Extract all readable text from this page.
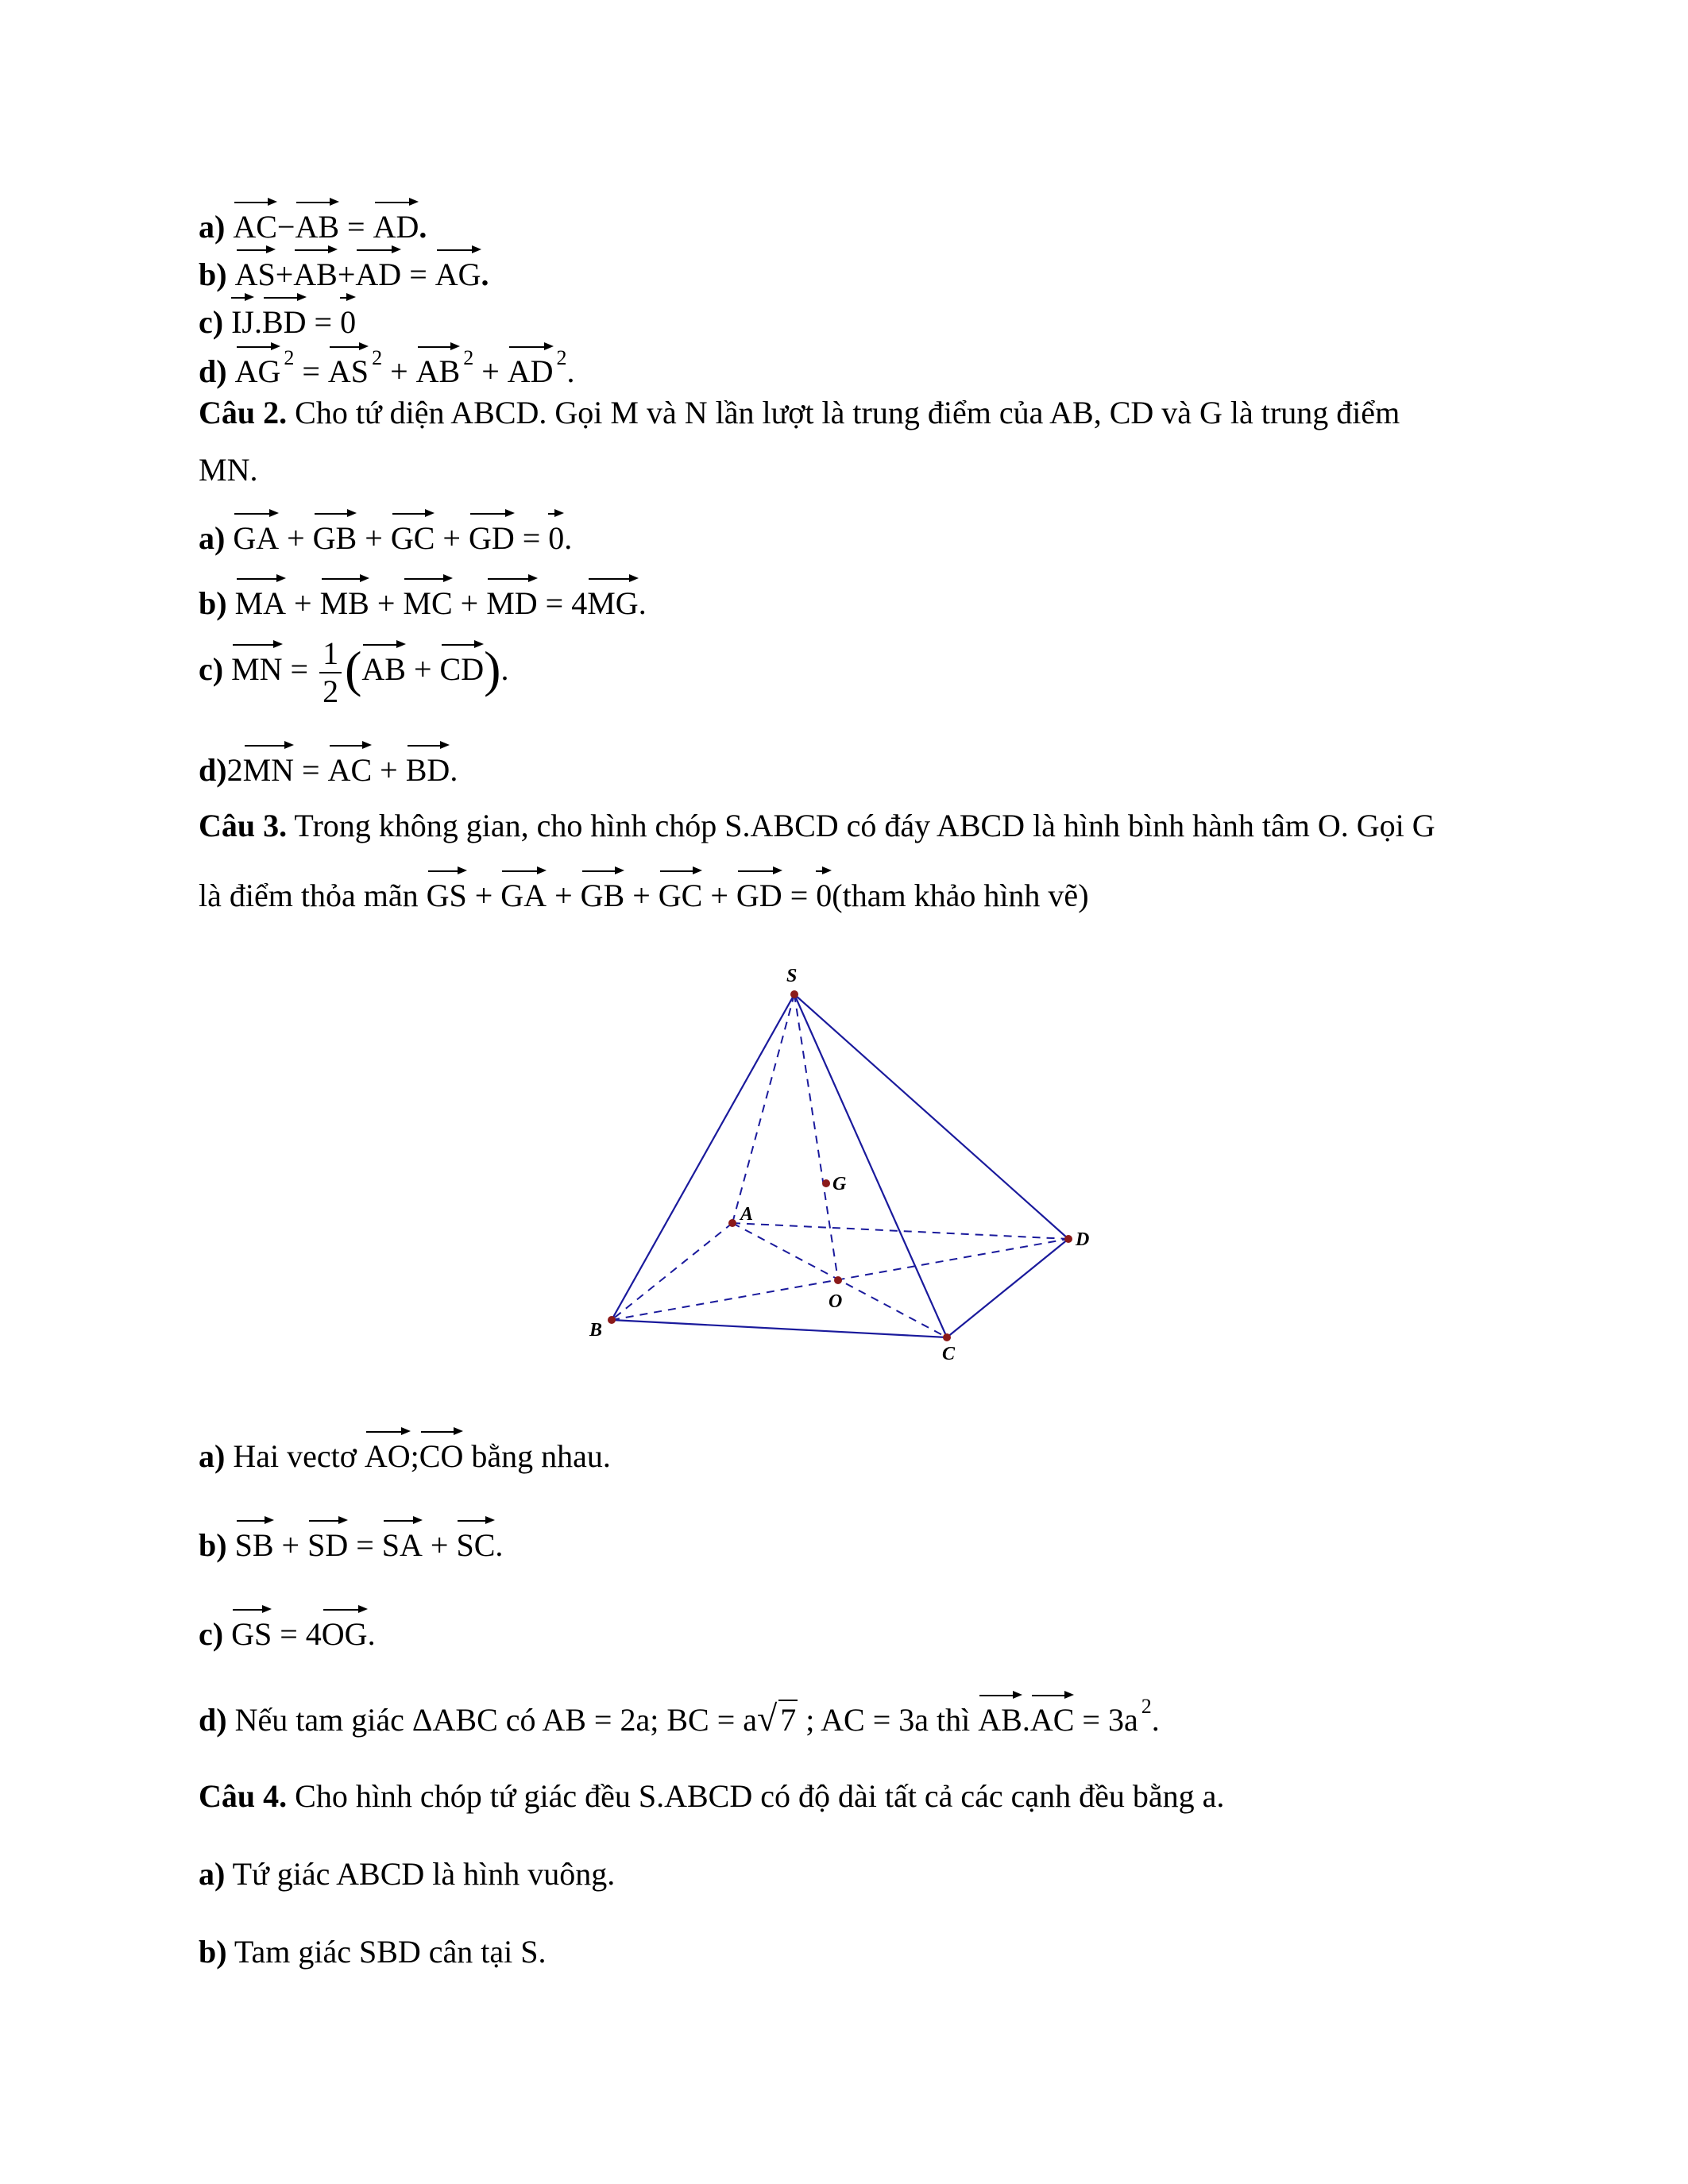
a) AC−AB = AD.
b) AS+AB+AD = AG.
c) IJ.BD = 0
d) AG $^2$ = AS $^2$ + AB $^2$ + AD $^2$.
Câu 2. Cho tứ diện ABCD. Gọi M và N lần lượt là trung điểm của AB, CD và G là trung điểm
MN.
a) GA + GB + GC + GD = 0.
b) MA + MB + MC + MD = 4MG.
c) MN = $\frac{1}{2} (AB + CD)$.
d)2MN = AC + BD.
Câu 3. Trong không gian, cho hình chóp S.ABCD có đáy ABCD là hình bình hành tâm O. Gọi G
là điểm thỏa mãn GS + GA + GB + GC + GD = 0(tham khảo hình vẽ)
S
G
A
D
O
B
C
a) Hai vectơ AO;CO bằng nhau.
b) SB + SD = SA + SC.
c) GS = 4OG.
d) Nếu tam giác ΔABC có AB = 2a; BC = a√ 7 ; AC = 3a thì AB.AC = 3a $^2$.
Câu 4. Cho hình chóp tứ giác đều S.ABCD có độ dài tất cả các cạnh đều bằng a.
a) Tứ giác ABCD là hình vuông.
b) Tam giác SBD cân tại S.
